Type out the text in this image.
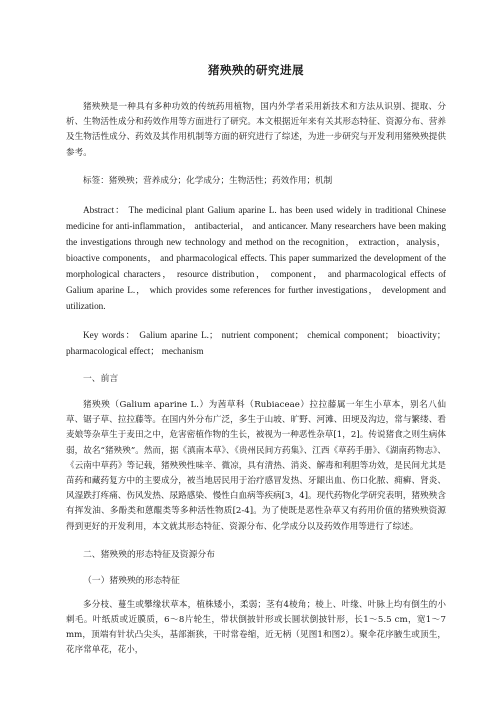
猪殃殃的研究进展

猪殃殃是一种具有多种功效的传统药用植物，国内外学者采用新技术和方法从识别、提取、分析、生物活性成分和药效作用等方面进行了研究。本文根据近年来有关其形态特征、资源分布、营养及生物活性成分、药效及其作用机制等方面的研究进行了综述，为进一步研究与开发利用猪殃殃提供参考。

标签：猪殃殃；营养成分；化学成分；生物活性；药效作用；机制

Abstract： The medicinal plant Galium aparine L. has been used widely in traditional Chinese medicine for anti-inflammation， antibacterial， and anticancer. Many researchers have been making the investigations through new technology and method on the recognition， extraction，analysis， bioactive components， and pharmacological effects. This paper summarized the development of the morphological characters， resource distribution， component， and pharmacological effects of Galium aparine L.， which provides some references for further investigations， development and utilization.

Key words： Galium aparine L.； nutrient component； chemical component； bioactivity； pharmacological effect； mechanism

一、前言

猪殃殃（Galium aparine L.）为茜草科（Rubiaceae）拉拉藤属一年生小草本，别名八仙草、锯子草、拉拉藤等。在国内外分布广泛，多生于山坡、旷野、河滩、田埂及沟边，常与繁缕、看麦娘等杂草生于麦田之中，危害密植作物的生长，被视为一种恶性杂草[1，2]。传说猪食之则生病体弱，故名“猪殃殃”。然而，据《滇南本草》、《贵州民间方药集》、江西《草药手册》、《湖南药物志》、《云南中草药》等记载，猪殃殃性味辛、微凉，具有清热、消炎、解毒和利胆等功效，是民间尤其是苗药和藏药复方中的主要成分，被当地居民用于治疗感冒发热、牙龈出血、伤口化脓、痈癣、肾炎、风湿跌打疼痛、伤风发热、尿路感染、慢性白血病等疾病[3，4]。现代药物化学研究表明，猪殃殃含有挥发油、多酚类和蒽醌类等多种活性物质[2-4]。为了使既是恶性杂草又有药用价值的猪殃殃资源得到更好的开发利用，本文就其形态特征、资源分布、化学成分以及药效作用等进行了综述。

二、猪殃殃的形态特征及资源分布
（一）猪殃殃的形态特征

多分枝、蔓生或攀缘状草本，植株矮小，柔弱；茎有4棱角；棱上、叶缘、叶脉上均有倒生的小刺毛。叶纸质或近膜质，6～8片轮生，带状倒披针形或长圆状倒披针形，长1～5.5 cm，宽1～7 mm，顶端有针状凸尖头，基部渐狭，干时常卷缩，近无柄（见图1和图2）。聚伞花序腋生或顶生，花序常单花，花小，
